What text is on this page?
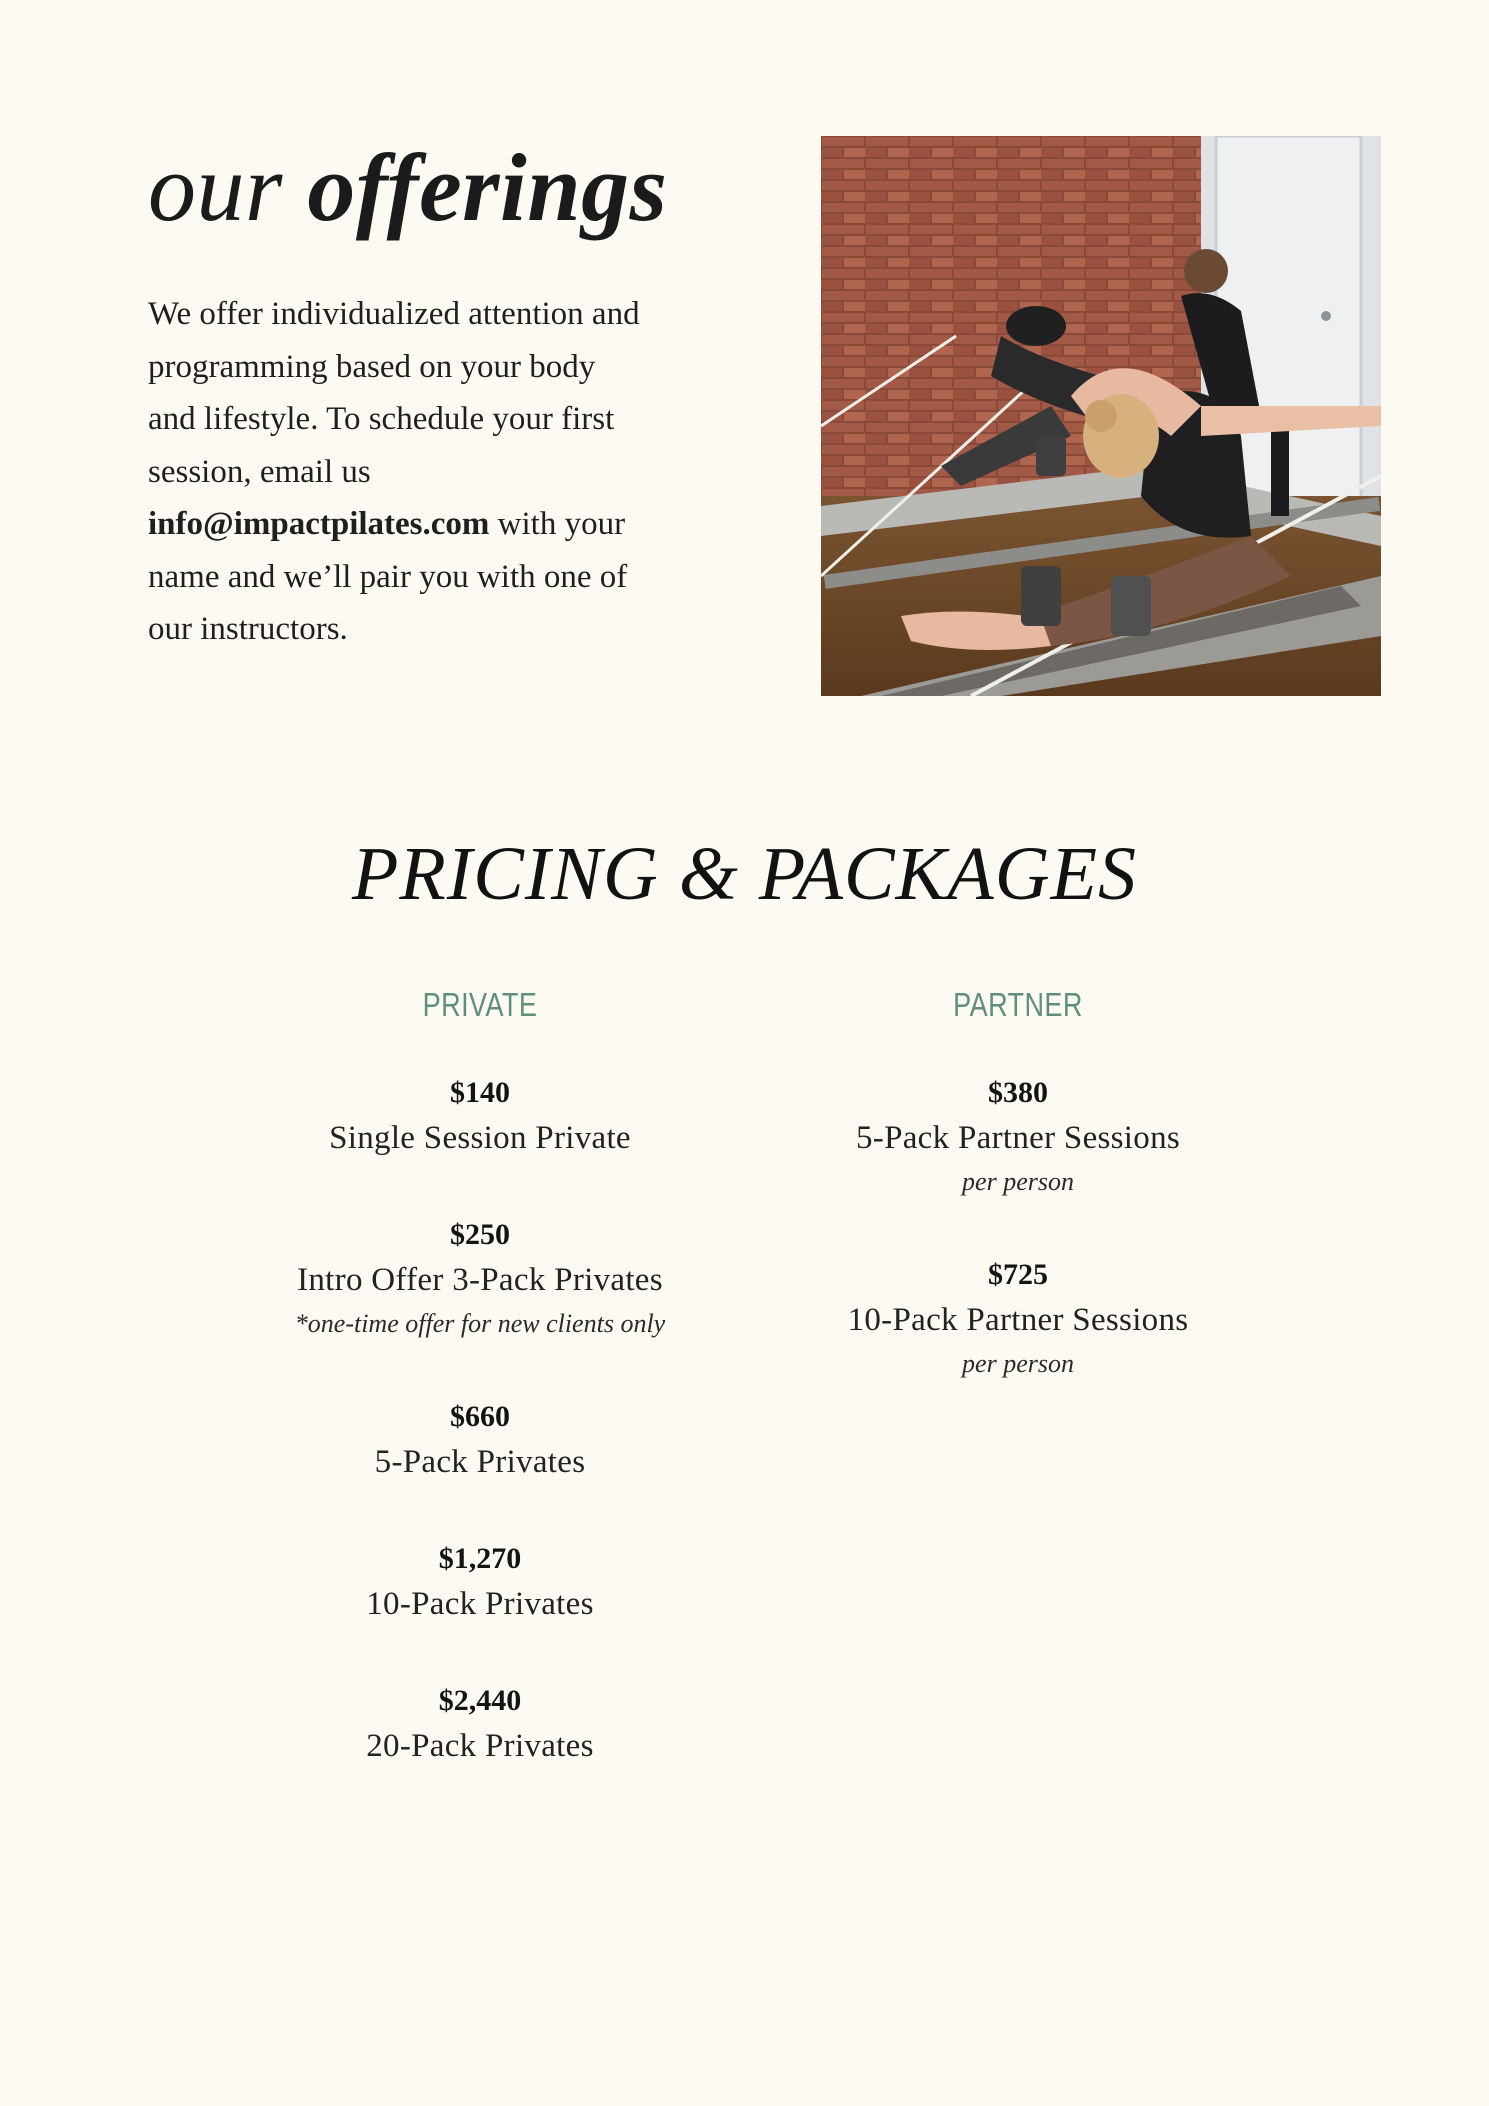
our offerings

We offer individualized attention and programming based on your body and lifestyle. To schedule your first session, email us info@impactpilates.com with your name and we’ll pair you with one of our instructors.

PRICING & PACKAGES
PRIVATE
$140
Single Session Private
$250
Intro Offer 3-Pack Privates
*one-time offer for new clients only
$660
5-Pack Privates
$1,270
10-Pack Privates
$2,440
20-Pack Privates
PARTNER
$380
5-Pack Partner Sessions
per person
$725
10-Pack Partner Sessions
per person
